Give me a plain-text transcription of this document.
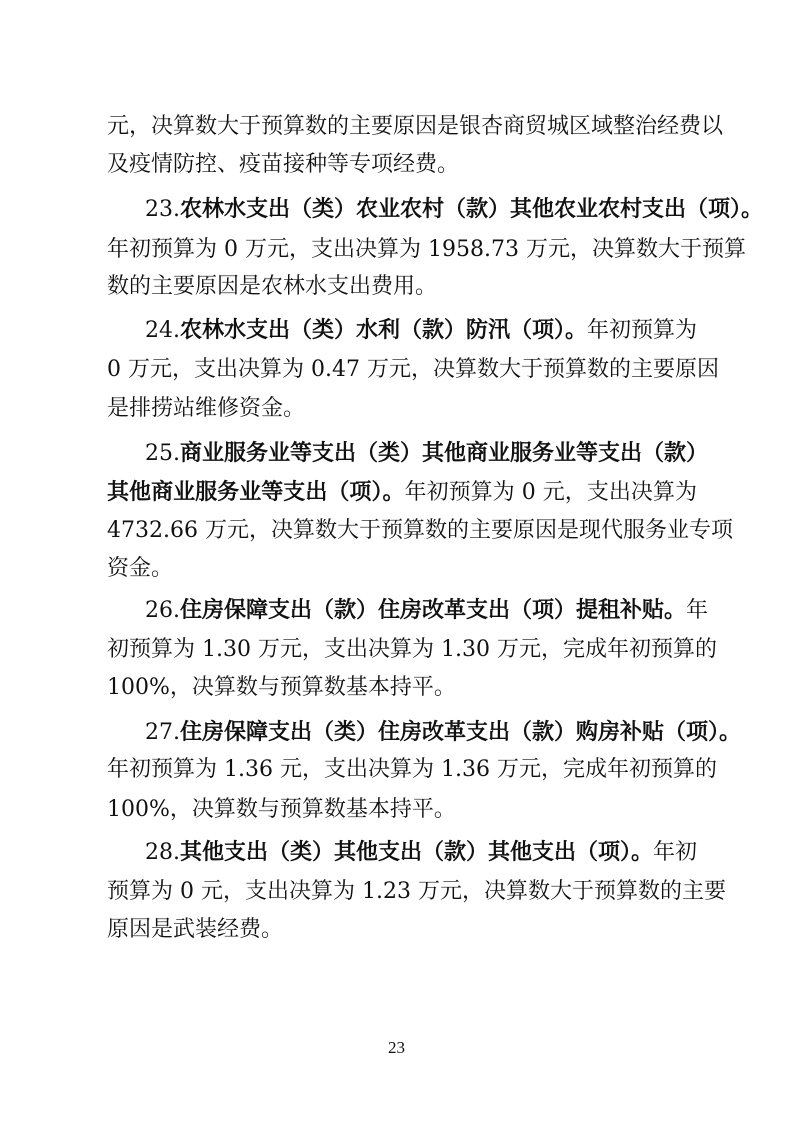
元，决算数大于预算数的主要原因是银杏商贸城区域整治经费以
及疫情防控、疫苗接种等专项经费。
23.农林水支出（类）农业农村（款）其他农业农村支出（项）。
年初预算为 0 万元，支出决算为 1958.73 万元，决算数大于预算
数的主要原因是农林水支出费用。
24.农林水支出（类）水利（款）防汛（项）。年初预算为
0 万元，支出决算为 0.47 万元，决算数大于预算数的主要原因
是排捞站维修资金。
25.商业服务业等支出（类）其他商业服务业等支出（款）
其他商业服务业等支出（项）。年初预算为 0 元，支出决算为
4732.66 万元，决算数大于预算数的主要原因是现代服务业专项
资金。
26.住房保障支出（款）住房改革支出（项）提租补贴。年
初预算为 1.30 万元，支出决算为 1.30 万元，完成年初预算的
100%，决算数与预算数基本持平。
27.住房保障支出（类）住房改革支出（款）购房补贴（项）。
年初预算为 1.36 元，支出决算为 1.36 万元，完成年初预算的
100%，决算数与预算数基本持平。
28.其他支出（类）其他支出（款）其他支出（项）。年初
预算为 0 元，支出决算为 1.23 万元，决算数大于预算数的主要
原因是武装经费。
23
